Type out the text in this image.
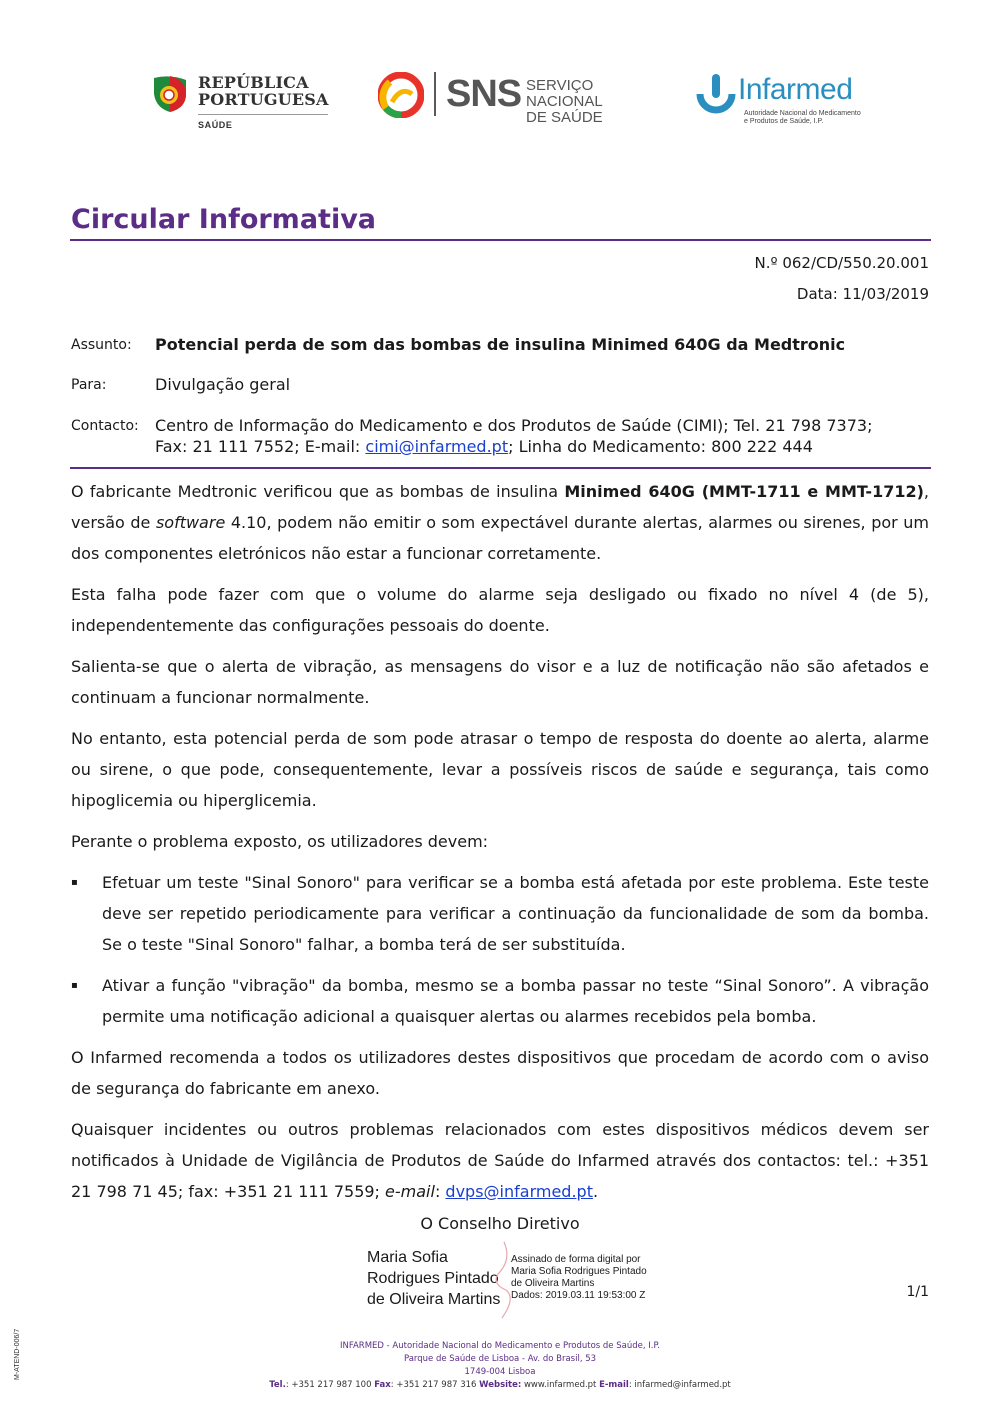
REPÚBLICA
PORTUGUESA
SAÚDE
SNS SERVIÇO NACIONAL
DE SAÚDE
Infarmed
Autoridade Nacional do Medicamento
e Produtos de Saúde, I.P.
Circular Informativa
N.º 062/CD/550.20.001
Data: 11/03/2019
Assunto: Potencial perda de som das bombas de insulina Minimed 640G da Medtronic
Para:	Divulgação geral
Contacto: Centro de Informação do Medicamento e dos Produtos de Saúde (CIMI); Tel. 21 798 7373;
Fax: 21 111 7552; E-mail: cimi@infarmed.pt; Linha do Medicamento: 800 222 444

O fabricante Medtronic verificou que as bombas de insulina Minimed 640G (MMT-1711 e MMT-1712), versão de software 4.10, podem não emitir o som expectável durante alertas, alarmes ou sirenes, por um dos componentes eletrónicos não estar a funcionar corretamente.

Esta falha pode fazer com que o volume do alarme seja desligado ou fixado no nível 4 (de 5), independentemente das configurações pessoais do doente.

Salienta-se que o alerta de vibração, as mensagens do visor e a luz de notificação não são afetados e continuam a funcionar normalmente.

No entanto, esta potencial perda de som pode atrasar o tempo de resposta do doente ao alerta, alarme ou sirene, o que pode, consequentemente, levar a possíveis riscos de saúde e segurança, tais como hipoglicemia ou hiperglicemia.

Perante o problema exposto, os utilizadores devem:

▪ Efetuar um teste "Sinal Sonoro" para verificar se a bomba está afetada por este problema. Este teste deve ser repetido periodicamente para verificar a continuação da funcionalidade de som da bomba. Se o teste "Sinal Sonoro" falhar, a bomba terá de ser substituída.
▪ Ativar a função "vibração" da bomba, mesmo se a bomba passar no teste “Sinal Sonoro”. A vibração permite uma notificação adicional a quaisquer alertas ou alarmes recebidos pela bomba.

O Infarmed recomenda a todos os utilizadores destes dispositivos que procedam de acordo com o aviso de segurança do fabricante em anexo.

Quaisquer incidentes ou outros problemas relacionados com estes dispositivos médicos devem ser notificados à Unidade de Vigilância de Produtos de Saúde do Infarmed através dos contactos: tel.: +351 21 798 71 45; fax: +351 21 111 7559; e-mail: dvps@infarmed.pt.

O Conselho Diretivo
Maria Sofia
Rodrigues Pintado
de Oliveira Martins
Assinado de forma digital por
Maria Sofia Rodrigues Pintado
de Oliveira Martins
Dados: 2019.03.11 19:53:00 Z	1/1
M-ATEND-006/7	INFARMED - Autoridade Nacional do Medicamento e Produtos de Saúde, I.P.
Parque de Saúde de Lisboa - Av. do Brasil, 53
1749-004 Lisboa
Tel.: +351 217 987 100 Fax: +351 217 987 316 Website: www.infarmed.pt E-mail: infarmed@infarmed.pt
